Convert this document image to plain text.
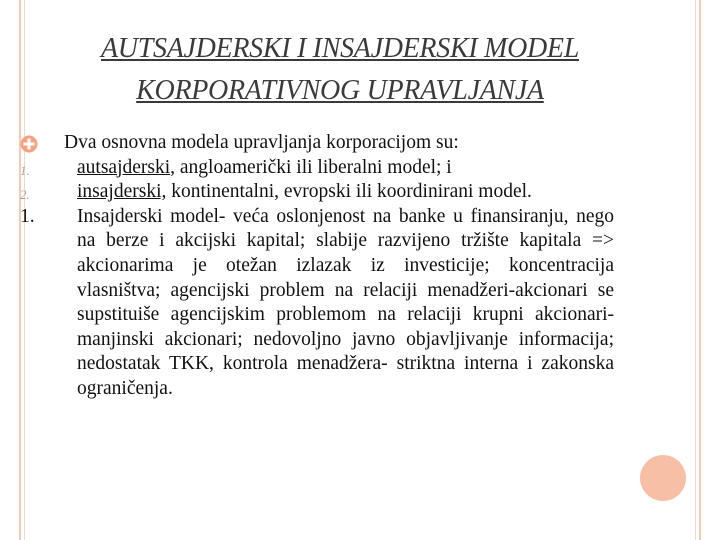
AUTSAJDERSKI I INSAJDERSKI MODEL
KORPORATIVNOG UPRAVLJANJA
Dva osnovna modela upravljanja korporacijom su:
1. autsajderski, angloamerički ili liberalni model; i
2. insajderski, kontinentalni, evropski ili koordinirani model.
1. Insajderski model- veća oslonjenost na banke u finansiranju, nego na berze i akcijski kapital; slabije razvijeno tržište kapitala => akcionarima je otežan izlazak iz investicije; koncentracija vlasništva; agencijski problem na relaciji menadžeri-akcionari se supstituiše agencijskim problemom na relaciji krupni akcionari-manjinski akcionari; nedovoljno javno objavljivanje informacija; nedostatak TKK, kontrola menadžera- striktna interna i zakonska ograničenja.
